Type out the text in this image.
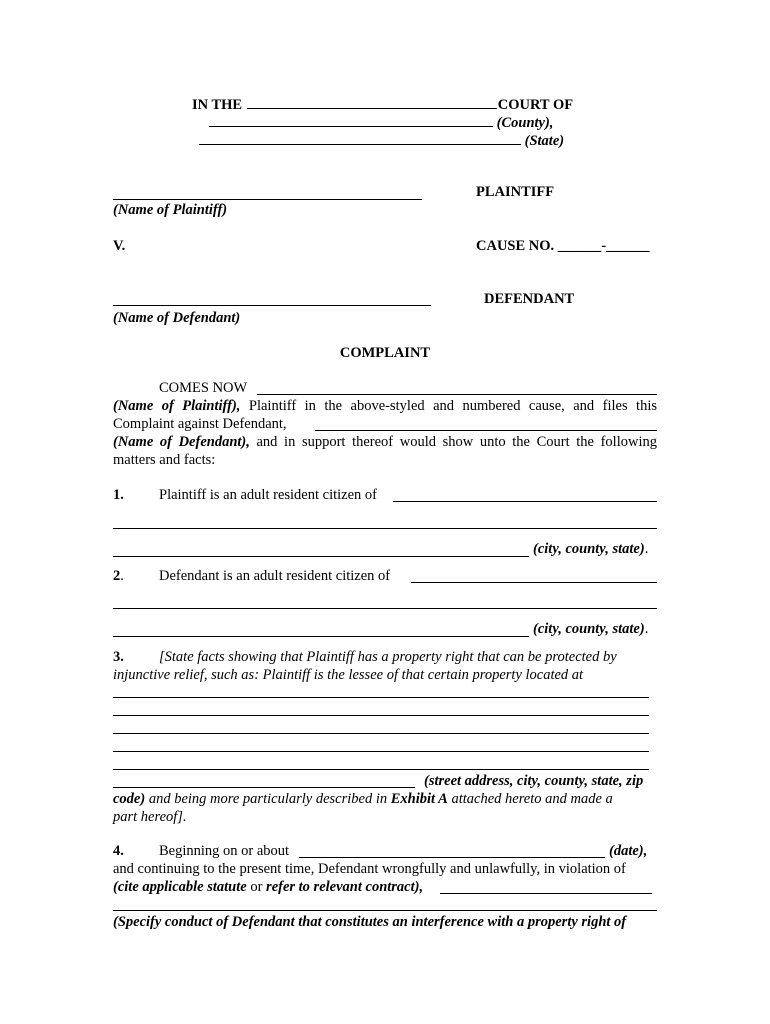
IN THE	COURT OF
(County),
(State)
PLAINTIFF
(Name of Plaintiff)
V.	CAUSE NO. ______-______
DEFENDANT
(Name of Defendant)
COMPLAINT
COMES NOW
(Name of Plaintiff), Plaintiff in the above-styled and numbered cause, and files this
Complaint against Defendant,
(Name of Defendant), and in support thereof would show unto the Court the following
matters and facts:
1. Plaintiff is an adult resident citizen of
(city, county, state).
2. Defendant is an adult resident citizen of
(city, county, state).
3. [State facts showing that Plaintiff has a property right that can be protected by
injunctive relief, such as: Plaintiff is the lessee of that certain property located at
(street address, city, county, state, zip
code) and being more particularly described in Exhibit A attached hereto and made a
part hereof].
4. Beginning on or about	(date),
and continuing to the present time, Defendant wrongfully and unlawfully, in violation of
(cite applicable statute or refer to relevant contract),
(Specify conduct of Defendant that constitutes an interference with a property right of
